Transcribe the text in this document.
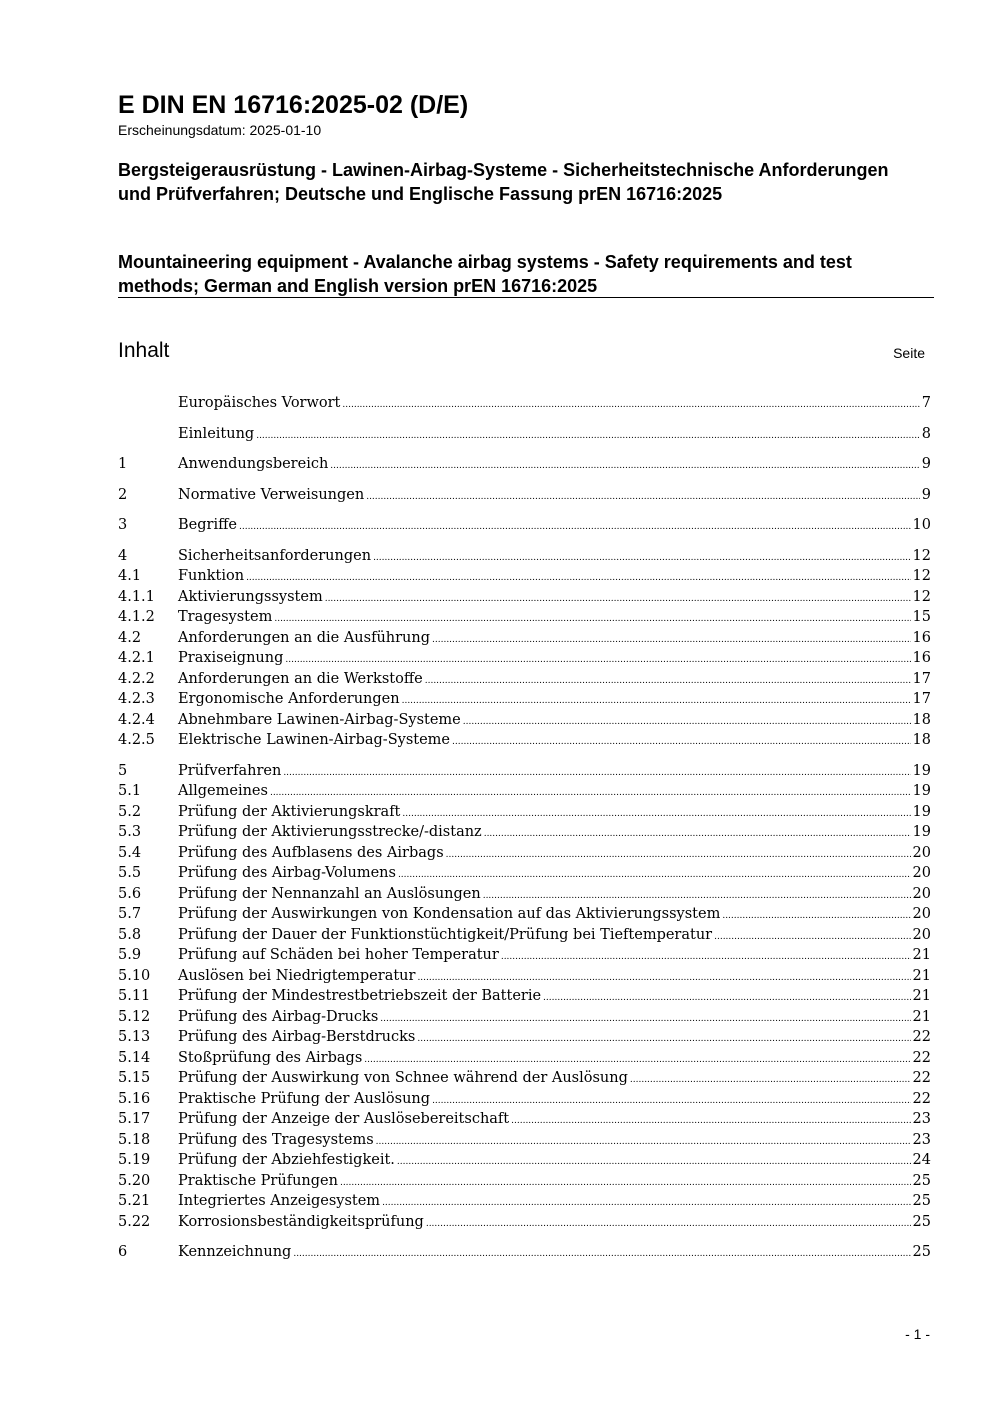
E DIN EN 16716:2025-02 (D/E)
Erscheinungsdatum: 2025-01-10
Bergsteigerausrüstung - Lawinen-Airbag-Systeme - Sicherheitstechnische Anforderungen und Prüfverfahren; Deutsche und Englische Fassung prEN 16716:2025
Mountaineering equipment - Avalanche airbag systems - Safety requirements and test methods; German and English version prEN 16716:2025
Inhalt	Seite
Europäisches Vorwort .....	7
Einleitung .....	8
1	Anwendungsbereich .....	9
2	Normative Verweisungen .....	9
3	Begriffe .....	10
4	Sicherheitsanforderungen .....	12
4.1	Funktion .....	12
4.1.1	Aktivierungssystem .....	12
4.1.2	Tragesystem .....	15
4.2	Anforderungen an die Ausführung .....	16
4.2.1	Praxiseignung .....	16
4.2.2	Anforderungen an die Werkstoffe .....	17
4.2.3	Ergonomische Anforderungen .....	17
4.2.4	Abnehmbare Lawinen-Airbag-Systeme .....	18
4.2.5	Elektrische Lawinen-Airbag-Systeme .....	18
5	Prüfverfahren .....	19
5.1	Allgemeines .....	19
5.2	Prüfung der Aktivierungskraft .....	19
5.3	Prüfung der Aktivierungsstrecke/-distanz .....	19
5.4	Prüfung des Aufblasens des Airbags .....	20
5.5	Prüfung des Airbag-Volumens .....	20
5.6	Prüfung der Nennanzahl an Auslösungen .....	20
5.7	Prüfung der Auswirkungen von Kondensation auf das Aktivierungssystem .....	20
5.8	Prüfung der Dauer der Funktionstüchtigkeit/Prüfung bei Tieftemperatur .....	20
5.9	Prüfung auf Schäden bei hoher Temperatur .....	21
5.10	Auslösen bei Niedrigtemperatur .....	21
5.11	Prüfung der Mindestrestbetriebszeit der Batterie .....	21
5.12	Prüfung des Airbag-Drucks .....	21
5.13	Prüfung des Airbag-Berstdrucks .....	22
5.14	Stoßprüfung des Airbags .....	22
5.15	Prüfung der Auswirkung von Schnee während der Auslösung .....	22
5.16	Praktische Prüfung der Auslösung .....	22
5.17	Prüfung der Anzeige der Auslösebereitschaft .....	23
5.18	Prüfung des Tragesystems .....	23
5.19	Prüfung der Abziehfestigkeit. .....	24
5.20	Praktische Prüfungen .....	25
5.21	Integriertes Anzeigesystem .....	25
5.22	Korrosionsbeständigkeitsprüfung .....	25
6	Kennzeichnung .....	25
- 1 -
